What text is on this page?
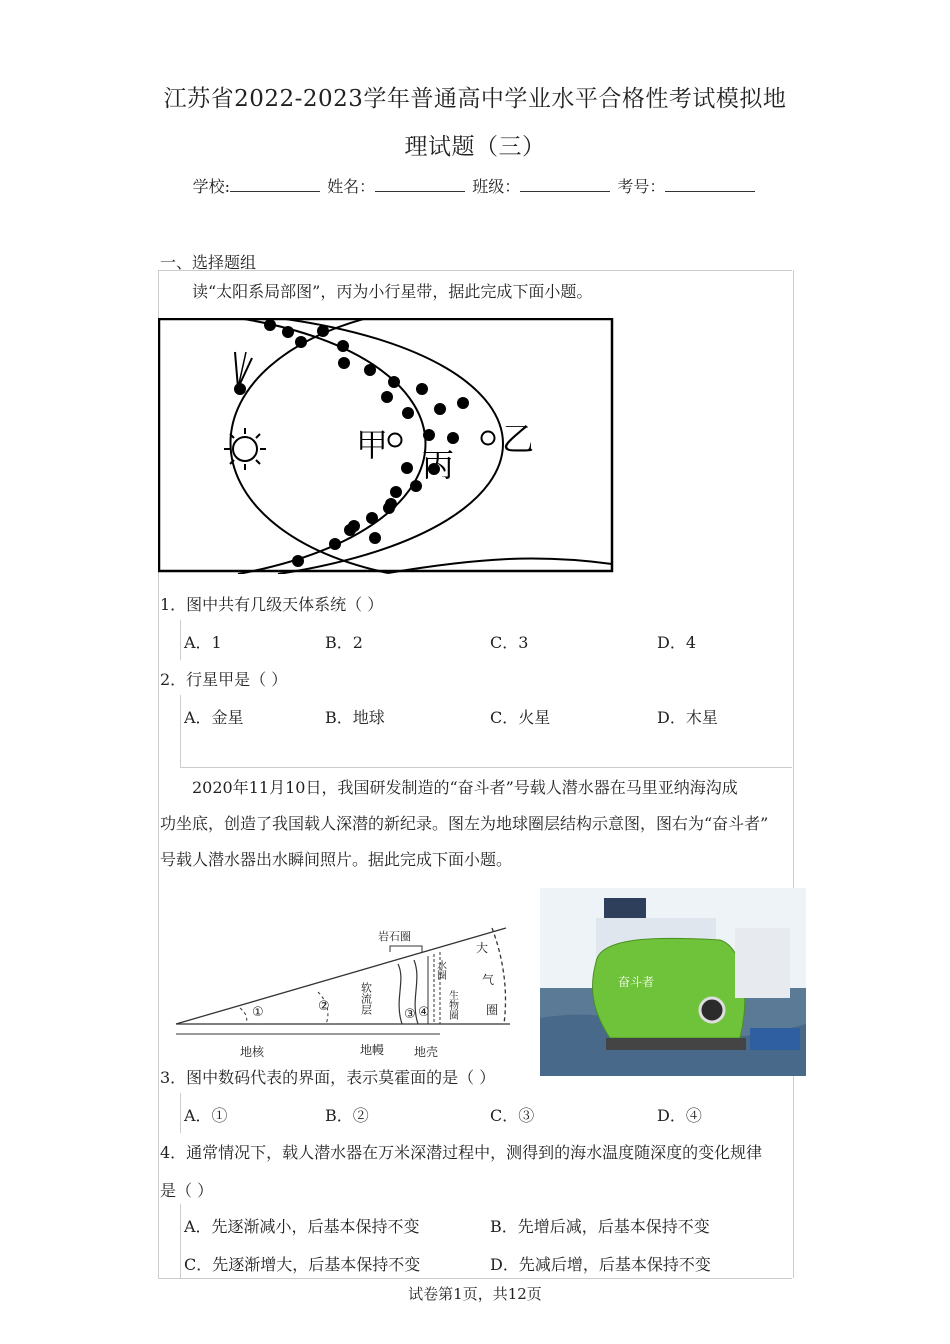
江苏省2022-2023学年普通高中学业水平合格性考试模拟地
理试题（三）
学校:	姓名：	班级：	考号：
一、选择题组
读“太阳系局部图”，丙为小行星带，据此完成下面小题。
甲
丙
乙
1．图中共有几级天体系统（ ）
A．1	B．2	C．3	D．4
2．行星甲是（ ）
A．金星	B．地球	C．火星	D．木星
2020年11月10日，我国研发制造的“奋斗者”号载人潜水器在马里亚纳海沟成
功坐底，创造了我国载人深潜的新纪录。图左为地球圈层结构示意图，图右为“奋斗者”
号载人潜水器出水瞬间照片。据此完成下面小题。
岩石圈
大
气
圈
水圈
生物圈
软流层
①	②
③ ④
地核	地幔 地壳
奋斗者
3．图中数码代表的界面，表示莫霍面的是（ ）
A．①	B．②	C．③	D．④
4．通常情况下，载人潜水器在万米深潜过程中，测得到的海水温度随深度的变化规律
是（ ）
A．先逐渐减小，后基本保持不变	B．先增后减，后基本保持不变
C．先逐渐增大，后基本保持不变	D．先减后增，后基本保持不变
试卷第1页，共12页
